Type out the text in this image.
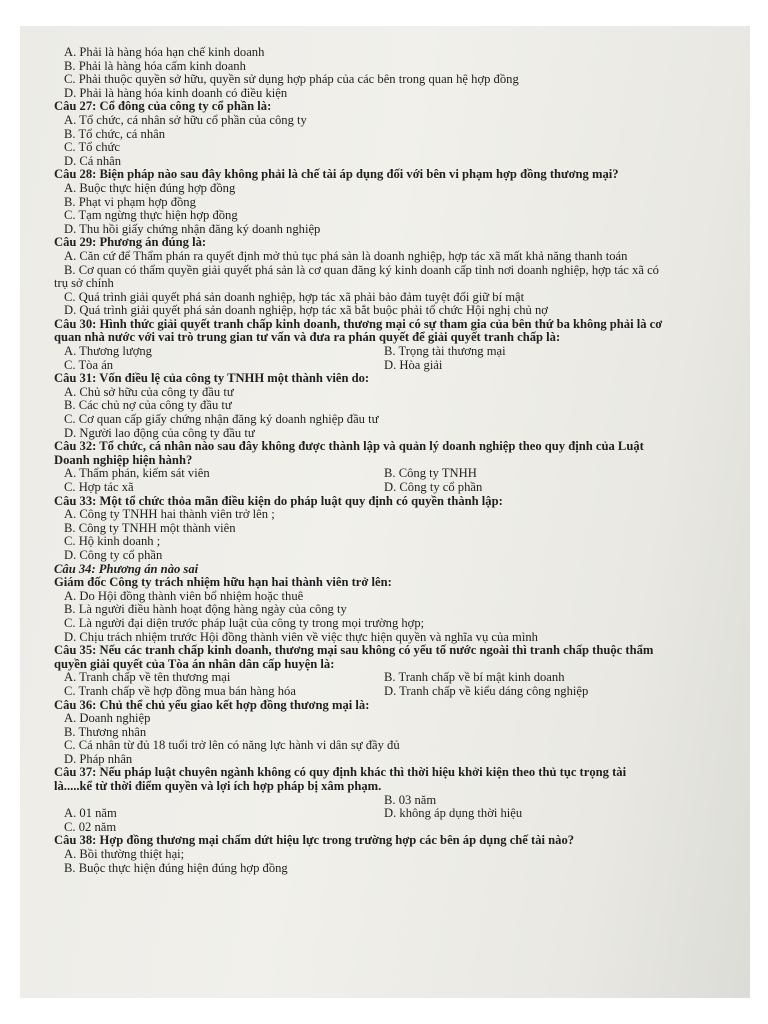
A. Phải là hàng hóa hạn chế kinh doanh
B. Phải là hàng hóa cấm kinh doanh
C. Phải thuộc quyền sở hữu, quyền sử dụng hợp pháp của các bên trong quan hệ hợp đồng
D. Phải là hàng hóa kinh doanh có điều kiện
Câu 27: Cổ đông của công ty cổ phần là:
A. Tổ chức, cá nhân sở hữu cổ phần của công ty
B. Tổ chức, cá nhân
C. Tổ chức
D. Cá nhân
Câu 28: Biện pháp nào sau đây không phải là chế tài áp dụng đối với bên vi phạm hợp đồng thương mại?
A. Buộc thực hiện đúng hợp đồng
B. Phạt vi phạm hợp đồng
C. Tạm ngừng thực hiện hợp đồng
D. Thu hồi giấy chứng nhận đăng ký doanh nghiệp
Câu 29: Phương án đúng là:
A. Căn cứ để Thẩm phán ra quyết định mở thủ tục phá sản là doanh nghiệp, hợp tác xã mất khả năng thanh toán
B. Cơ quan có thẩm quyền giải quyết phá sản là cơ quan đăng ký kinh doanh cấp tỉnh nơi doanh nghiệp, hợp tác xã có
trụ sở chính
C. Quá trình giải quyết phá sản doanh nghiệp, hợp tác xã phải bảo đảm tuyệt đối giữ bí mật
D. Quá trình giải quyết phá sản doanh nghiệp, hợp tác xã bắt buộc phải tổ chức Hội nghị chủ nợ
Câu 30: Hình thức giải quyết tranh chấp kinh doanh, thương mại có sự tham gia của bên thứ ba không phải là cơ
quan nhà nước với vai trò trung gian tư vấn và đưa ra phán quyết để giải quyết tranh chấp là:
A. Thương lượng	B. Trọng tài thương mại
C. Tòa án	D. Hòa giải
Câu 31: Vốn điều lệ của công ty TNHH một thành viên do:
A. Chủ sở hữu của công ty đầu tư
B. Các chủ nợ của công ty đầu tư
C. Cơ quan cấp giấy chứng nhận đăng ký doanh nghiệp đầu tư
D. Người lao động của công ty đầu tư
Câu 32: Tổ chức, cá nhân nào sau đây không được thành lập và quản lý doanh nghiệp theo quy định của Luật
Doanh nghiệp hiện hành?
A. Thẩm phán, kiểm sát viên	B. Công ty TNHH
C. Hợp tác xã	D. Công ty cổ phần
Câu 33: Một tổ chức thỏa mãn điều kiện do pháp luật quy định có quyền thành lập:
A. Công ty TNHH hai thành viên trở lên ;
B. Công ty TNHH một thành viên
C. Hộ kinh doanh ;
D. Công ty cổ phần
Câu 34: Phương án nào sai
Giám đốc Công ty trách nhiệm hữu hạn hai thành viên trở lên:
A. Do Hội đồng thành viên bổ nhiệm hoặc thuê
B. Là người điều hành hoạt động hàng ngày của công ty
C. Là người đại diện trước pháp luật của công ty trong mọi trường hợp;
D. Chịu trách nhiệm trước Hội đồng thành viên về việc thực hiện quyền và nghĩa vụ của mình
Câu 35: Nếu các tranh chấp kinh doanh, thương mại sau không có yếu tố nước ngoài thì tranh chấp thuộc thẩm
quyền giải quyết của Tòa án nhân dân cấp huyện là:
A. Tranh chấp về tên thương mại	B. Tranh chấp về bí mật kinh doanh
C. Tranh chấp về hợp đồng mua bán hàng hóa	D. Tranh chấp về kiểu dáng công nghiệp
Câu 36: Chủ thể chủ yếu giao kết hợp đồng thương mại là:
A. Doanh nghiệp
B. Thương nhân
C. Cá nhân từ đủ 18 tuổi trở lên có năng lực hành vi dân sự đầy đủ
D. Pháp nhân
Câu 37: Nếu pháp luật chuyên ngành không có quy định khác thì thời hiệu khởi kiện theo thủ tục trọng tài
là.....kể từ thời điểm quyền và lợi ích hợp pháp bị xâm phạm.
B. 03 năm
A. 01 năm	D. không áp dụng thời hiệu
C. 02 năm
Câu 38: Hợp đồng thương mại chấm dứt hiệu lực trong trường hợp các bên áp dụng chế tài nào?
A. Bồi thường thiệt hại;
B. Buộc thực hiện đúng hiện đúng hợp đồng
